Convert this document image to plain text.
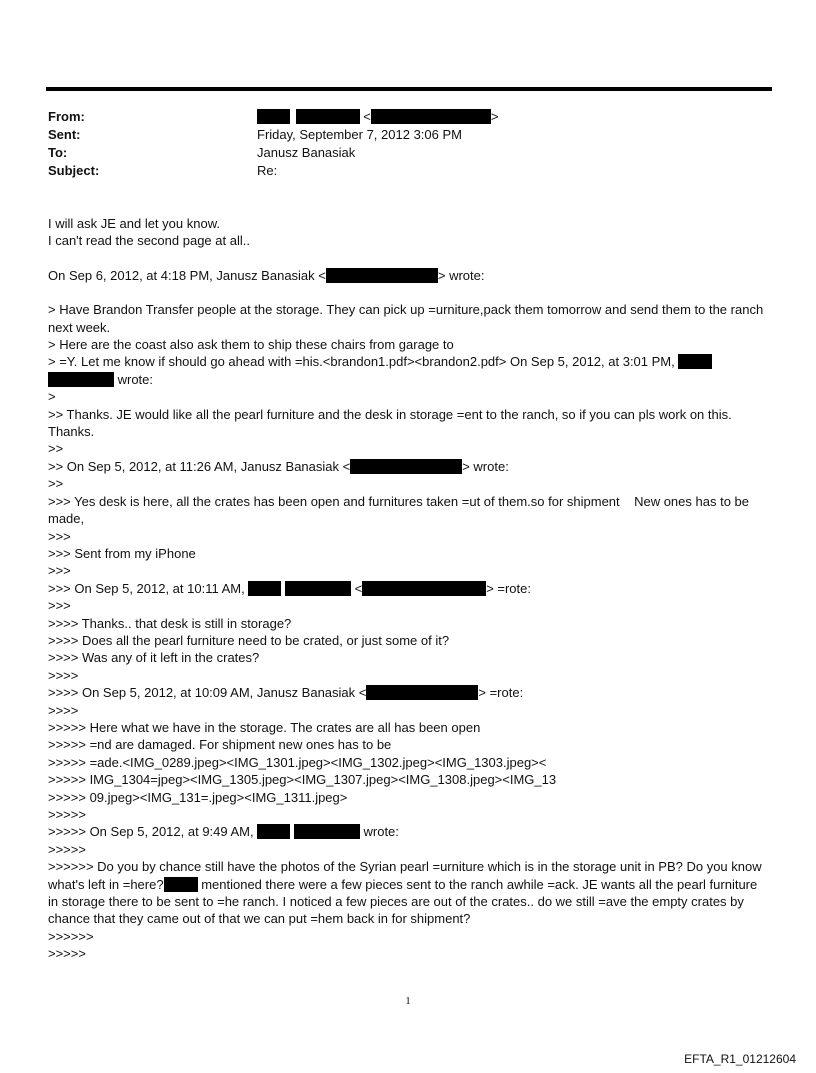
From:	<	>
Sent:	Friday, September 7, 2012 3:06 PM
To:	Janusz Banasiak
Subject:	Re:

I will ask JE and let you know.

I can't read the second page at all..

On Sep 6, 2012, at 4:18 PM, Janusz Banasiak <	> wrote:

> Have Brandon Transfer people at the storage. They can pick up =urniture,pack them tomorrow and send them to the ranch next week.

> Here are the coast also ask them to ship these chairs from garage to

> =Y. Let me know if should go ahead with =his.<brandon1.pdf><brandon2.pdf> On Sep 5, 2012, at 3:01 PM,
wrote:

>

>> Thanks. JE would like all the pearl furniture and the desk in storage =ent to the ranch, so if you can pls work on this. Thanks.

>>

>> On Sep 5, 2012, at 11:26 AM, Janusz Banasiak <	> wrote:

>>

>>> Yes desk is here, all the crates has been open and furnitures taken =ut of them.so for shipment    New ones has to be made,

>>>

>>> Sent from my iPhone

>>>

>>> On Sep 5, 2012, at 10:11 AM,	<	> =rote:

>>>

>>>> Thanks.. that desk is still in storage?

>>>> Does all the pearl furniture need to be crated, or just some of it?

>>>> Was any of it left in the crates?

>>>>

>>>> On Sep 5, 2012, at 10:09 AM, Janusz Banasiak <	> =rote:

>>>>

>>>>> Here what we have in the storage. The crates are all has been open

>>>>> =nd are damaged. For shipment new ones has to be

>>>>> =ade.<IMG_0289.jpeg><IMG_1301.jpeg><IMG_1302.jpeg><IMG_1303.jpeg><

>>>>> IMG_1304=jpeg><IMG_1305.jpeg><IMG_1307.jpeg><IMG_1308.jpeg><IMG_13

>>>>> 09.jpeg><IMG_131=.jpeg><IMG_1311.jpeg>

>>>>>

>>>>> On Sep 5, 2012, at 9:49 AM,	wrote:

>>>>>

>>>>>> Do you by chance still have the photos of the Syrian pearl =urniture which is in the storage unit in PB? Do you know what's left in =here?	mentioned there were a few pieces sent to the ranch awhile =ack. JE wants all the pearl furniture in storage there to be sent to =he ranch. I noticed a few pieces are out of the crates.. do we still =ave the empty crates by chance that they came out of that we can put =hem back in for shipment?

>>>>>>

>>>>>

1
EFTA_R1_01212604
